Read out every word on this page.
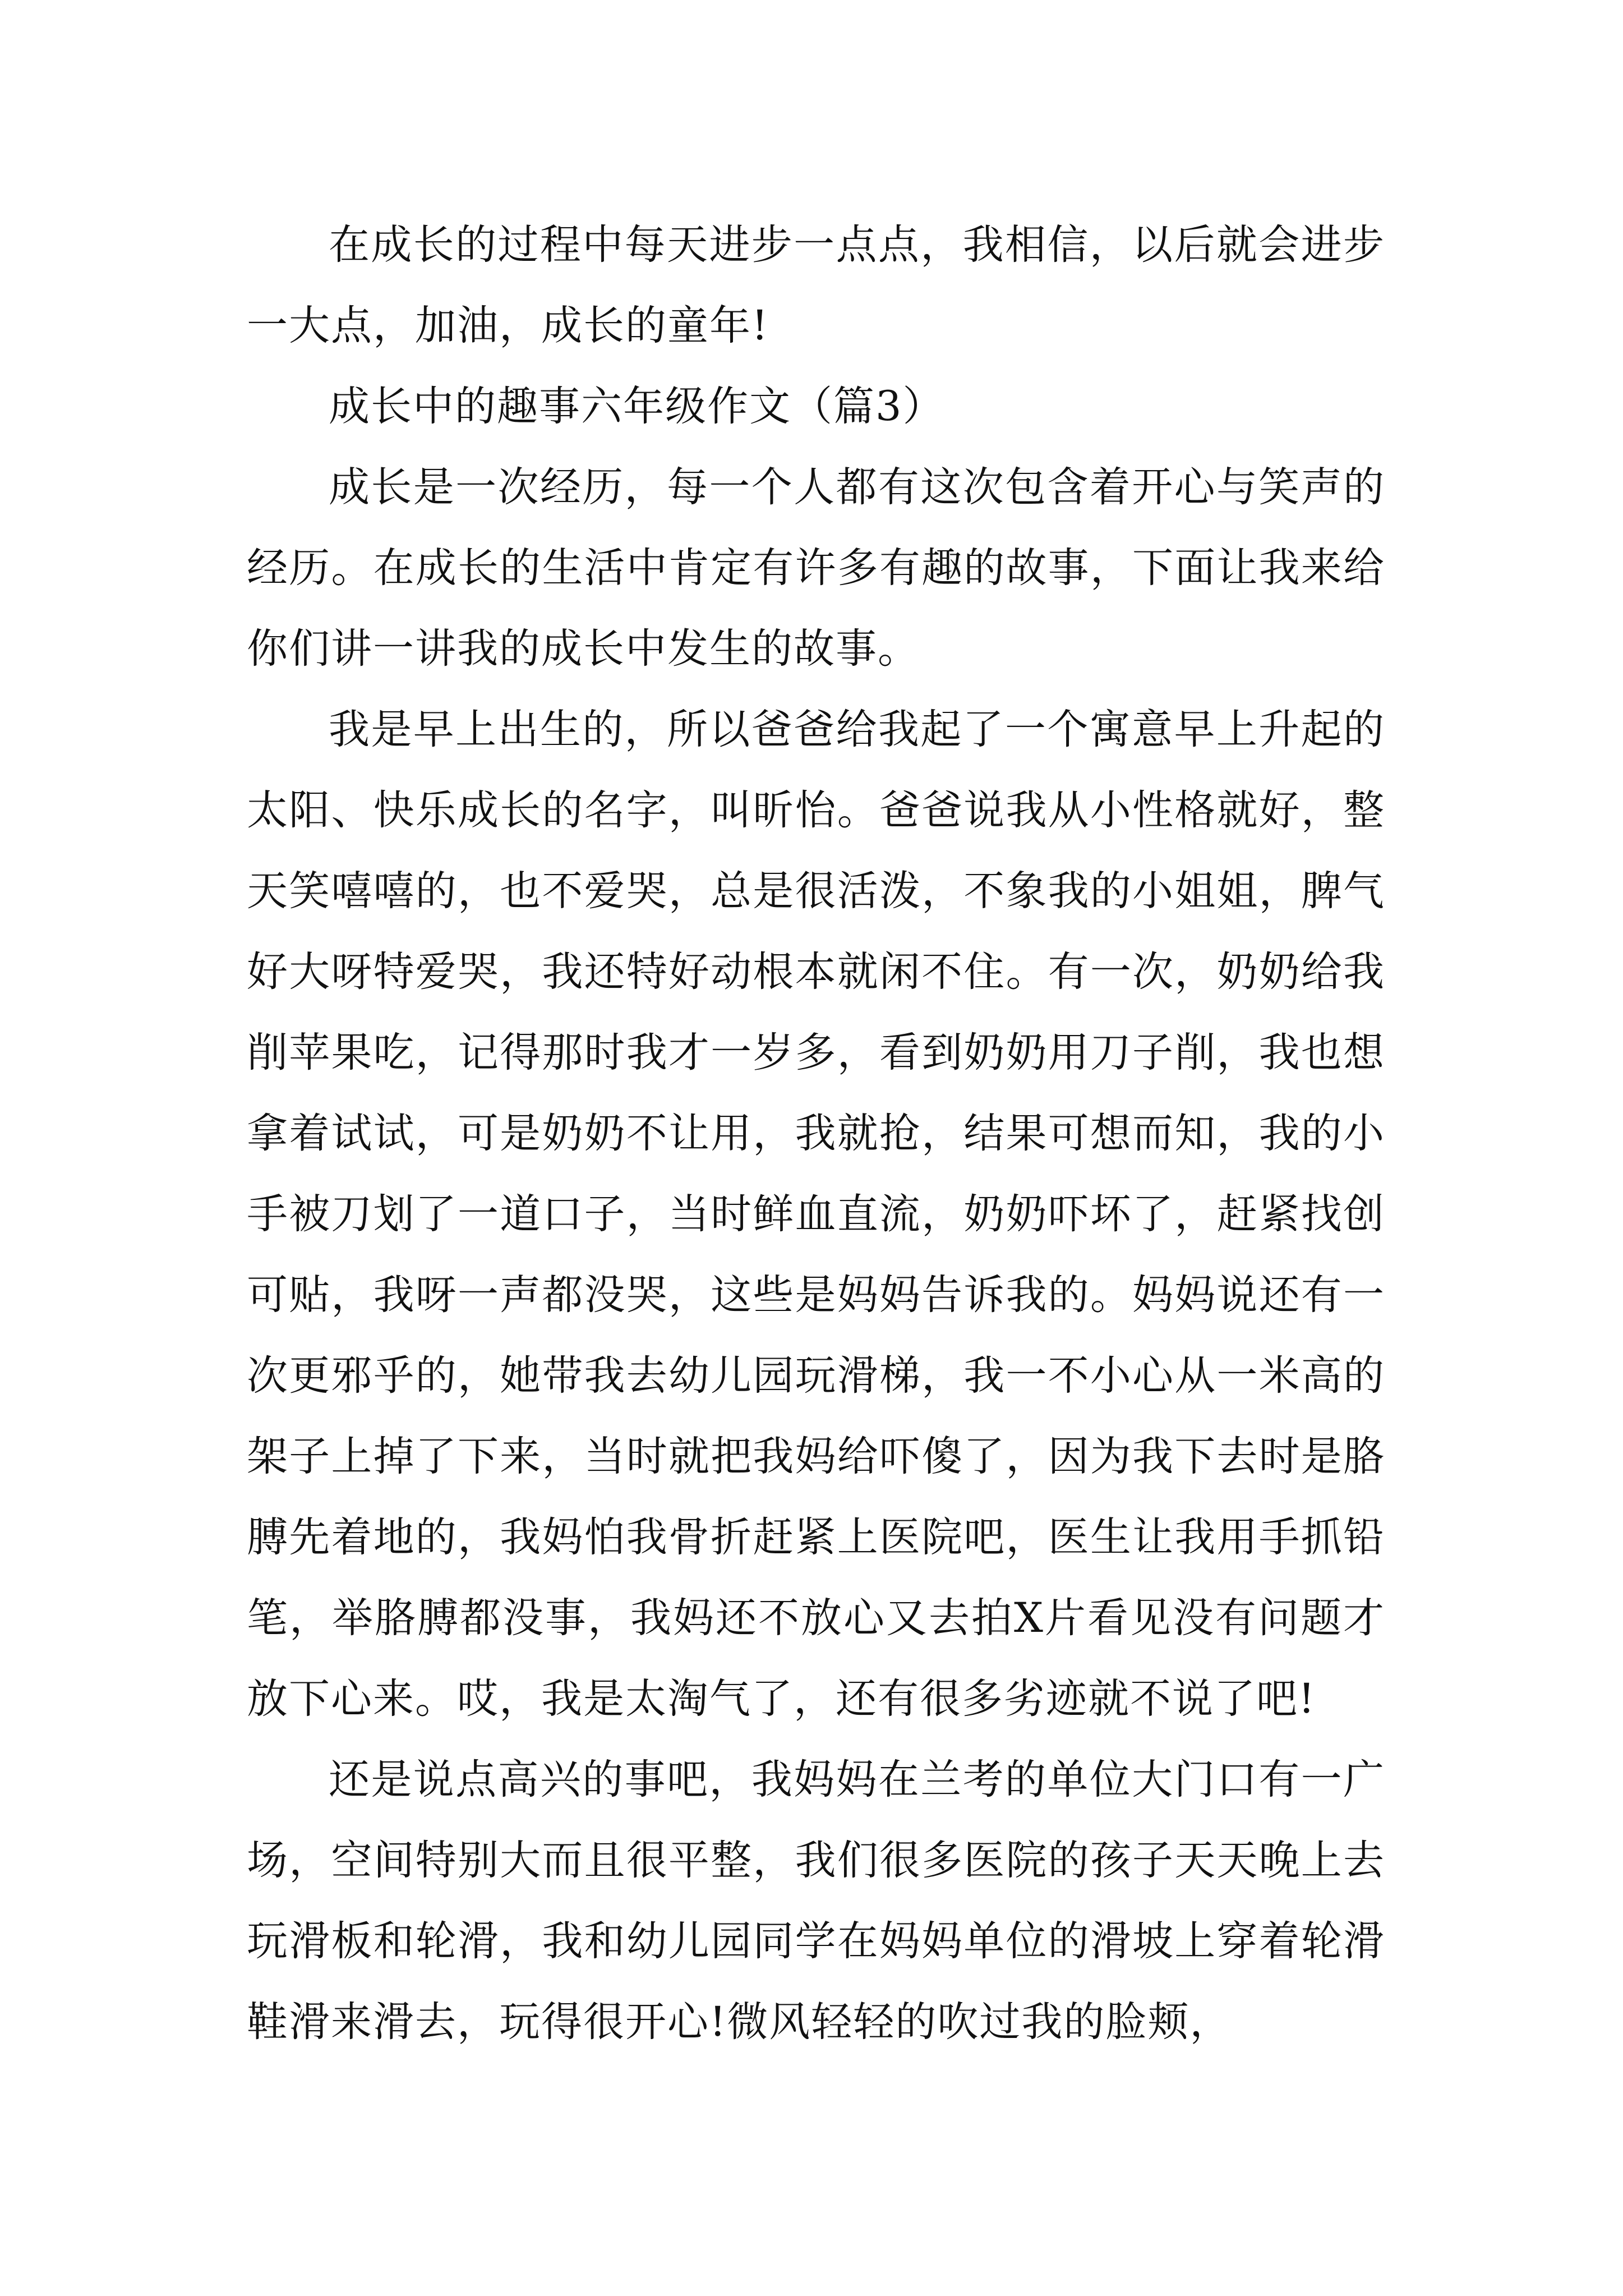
在成长的过程中每天进步一点点，我相信，以后就会进步一大点，加油，成长的童年!

成长中的趣事六年级作文（篇3）

成长是一次经历，每一个人都有这次包含着开心与笑声的经历。在成长的生活中肯定有许多有趣的故事，下面让我来给你们讲一讲我的成长中发生的故事。

我是早上出生的，所以爸爸给我起了一个寓意早上升起的太阳、快乐成长的名字，叫昕怡。爸爸说我从小性格就好，整天笑嘻嘻的，也不爱哭，总是很活泼，不象我的小姐姐，脾气好大呀特爱哭，我还特好动根本就闲不住。有一次，奶奶给我削苹果吃，记得那时我才一岁多，看到奶奶用刀子削，我也想拿着试试，可是奶奶不让用，我就抢，结果可想而知，我的小手被刀划了一道口子，当时鲜血直流，奶奶吓坏了，赶紧找创可贴，我呀一声都没哭，这些是妈妈告诉我的。妈妈说还有一次更邪乎的，她带我去幼儿园玩滑梯，我一不小心从一米高的架子上掉了下来，当时就把我妈给吓傻了，因为我下去时是胳膊先着地的，我妈怕我骨折赶紧上医院吧，医生让我用手抓铅笔，举胳膊都没事，我妈还不放心又去拍X片看见没有问题才放下心来。哎，我是太淘气了，还有很多劣迹就不说了吧!

还是说点高兴的事吧，我妈妈在兰考的单位大门口有一广场，空间特别大而且很平整，我们很多医院的孩子天天晚上去玩滑板和轮滑，我和幼儿园同学在妈妈单位的滑坡上穿着轮滑鞋滑来滑去，玩得很开心!微风轻轻的吹过我的脸颊，
